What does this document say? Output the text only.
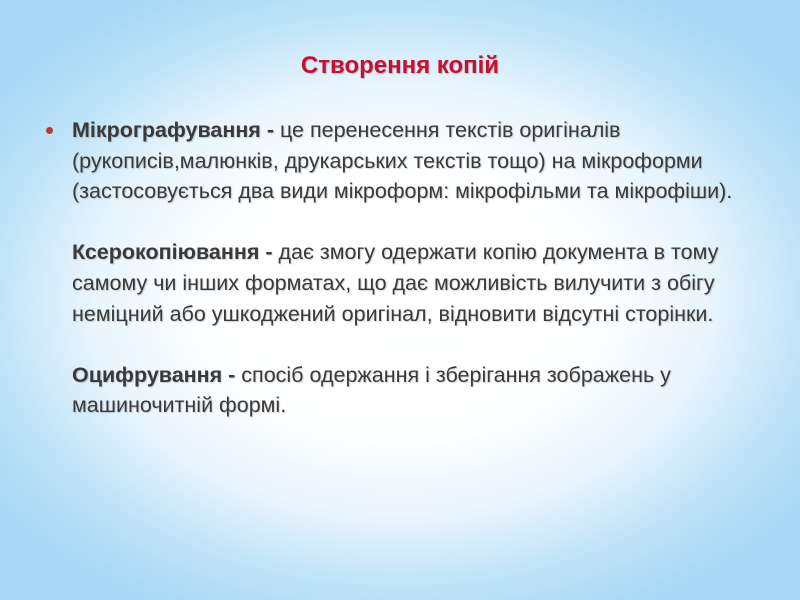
Створення копій

Мікрографування - це перенесення текстів оригіналів (рукописів,малюнків, друкарських текстів тощо) на мікроформи (застосовується два види мікроформ: мікрофільми та мікрофіши).

Ксерокопіювання - дає змогу одержати копію документа в тому самому чи інших форматах, що дає можливість вилучити з обігу неміцний або ушкоджений оригінал, відновити відсутні сторінки.

Оцифрування - спосіб одержання і зберігання зображень у машиночитній формі.
